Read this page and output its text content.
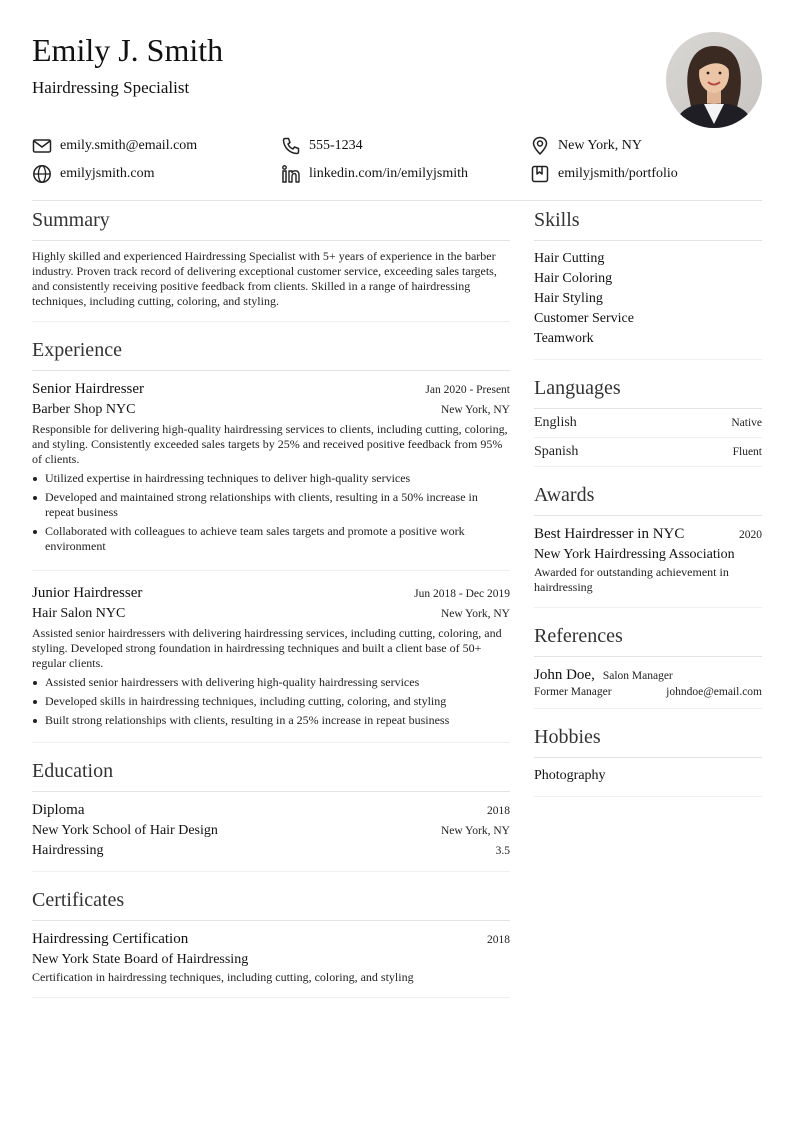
Emily J. Smith
Hairdressing Specialist
emily.smith@email.com	555-1234	New York, NY
emilyjsmith.com	linkedin.com/in/emilyjsmith	emilyjsmith/portfolio
Summary
Highly skilled and experienced Hairdressing Specialist with 5+ years of experience in the barber industry. Proven track record of delivering exceptional customer service, exceeding sales targets, and consistently receiving positive feedback from clients. Skilled in a range of hairdressing techniques, including cutting, coloring, and styling.
Experience
Senior Hairdresser	Jan 2020 - Present
Barber Shop NYC	New York, NY
Responsible for delivering high-quality hairdressing services to clients, including cutting, coloring, and styling. Consistently exceeded sales targets by 25% and received positive feedback from 95% of clients.
Utilized expertise in hairdressing techniques to deliver high-quality services
Developed and maintained strong relationships with clients, resulting in a 50% increase in repeat business
Collaborated with colleagues to achieve team sales targets and promote a positive work environment
Junior Hairdresser	Jun 2018 - Dec 2019
Hair Salon NYC	New York, NY
Assisted senior hairdressers with delivering hairdressing services, including cutting, coloring, and styling. Developed strong foundation in hairdressing techniques and built a client base of 50+ regular clients.
Assisted senior hairdressers with delivering high-quality hairdressing services
Developed skills in hairdressing techniques, including cutting, coloring, and styling
Built strong relationships with clients, resulting in a 25% increase in repeat business
Education
Diploma	2018
New York School of Hair Design	New York, NY
Hairdressing	3.5
Certificates
Hairdressing Certification	2018
New York State Board of Hairdressing
Certification in hairdressing techniques, including cutting, coloring, and styling
Skills
Hair Cutting
Hair Coloring
Hair Styling
Customer Service
Teamwork
Languages
English	Native
Spanish	Fluent
Awards
Best Hairdresser in NYC	2020
New York Hairdressing Association
Awarded for outstanding achievement in hairdressing
References
John Doe, Salon Manager
Former Manager	johndoe@email.com
Hobbies
Photography
